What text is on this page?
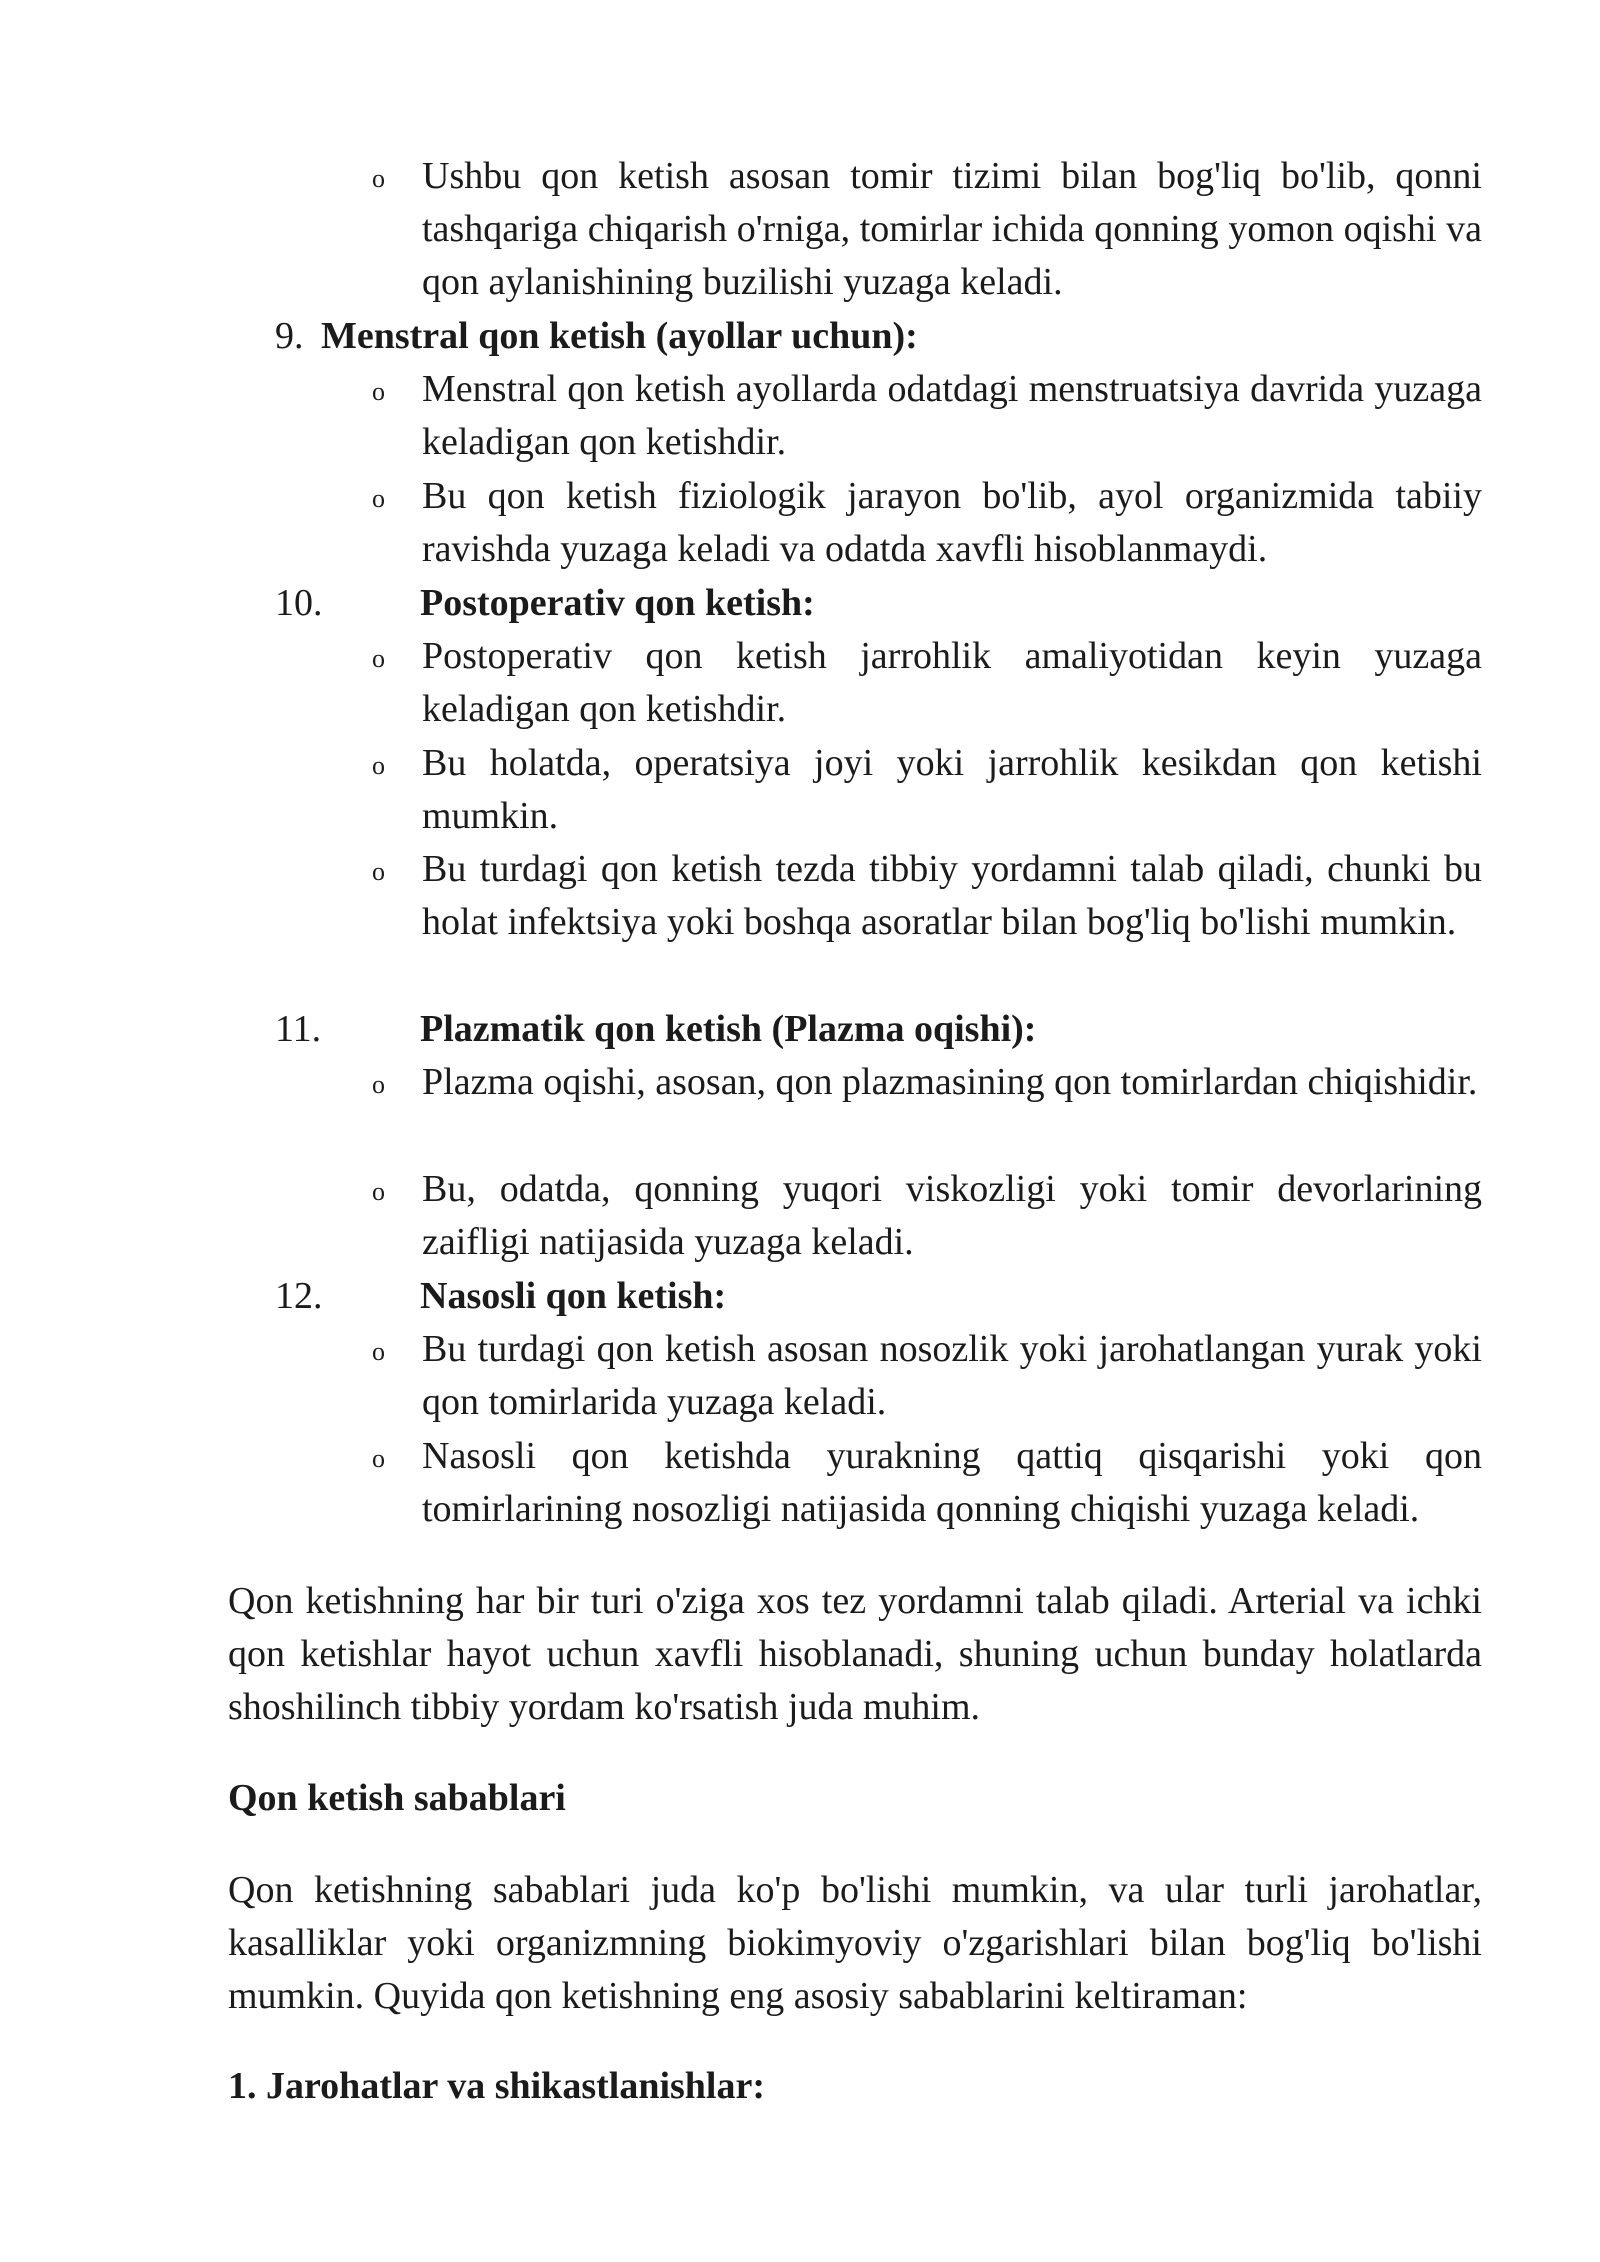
o Ushbu qon ketish asosan tomir tizimi bilan bog'liq bo'lib, qonni tashqariga chiqarish o'rniga, tomirlar ichida qonning yomon oqishi va qon aylanishining buzilishi yuzaga keladi.
9. Menstral qon ketish (ayollar uchun):
o Menstral qon ketish ayollarda odatdagi menstruatsiya davrida yuzaga keladigan qon ketishdir.
o Bu qon ketish fiziologik jarayon bo'lib, ayol organizmida tabiiy ravishda yuzaga keladi va odatda xavfli hisoblanmaydi.
10.	Postoperativ qon ketish:
o Postoperativ qon ketish jarrohlik amaliyotidan keyin yuzaga keladigan qon ketishdir.
o Bu holatda, operatsiya joyi yoki jarrohlik kesikdan qon ketishi mumkin.
o Bu turdagi qon ketish tezda tibbiy yordamni talab qiladi, chunki bu holat infektsiya yoki boshqa asoratlar bilan bog'liq bo'lishi mumkin.
11.	Plazmatik qon ketish (Plazma oqishi):
o Plazma oqishi, asosan, qon plazmasining qon tomirlardan chiqishidir.
o Bu, odatda, qonning yuqori viskozligi yoki tomir devorlarining zaifligi natijasida yuzaga keladi.
12.	Nasosli qon ketish:
o Bu turdagi qon ketish asosan nosozlik yoki jarohatlangan yurak yoki qon tomirlarida yuzaga keladi.
o Nasosli qon ketishda yurakning qattiq qisqarishi yoki qon tomirlarining nosozligi natijasida qonning chiqishi yuzaga keladi.

Qon ketishning har bir turi o'ziga xos tez yordamni talab qiladi. Arterial va ichki qon ketishlar hayot uchun xavfli hisoblanadi, shuning uchun bunday holatlarda shoshilinch tibbiy yordam ko'rsatish juda muhim.

Qon ketish sabablari

Qon ketishning sabablari juda ko'p bo'lishi mumkin, va ular turli jarohatlar, kasalliklar yoki organizmning biokimyoviy o'zgarishlari bilan bog'liq bo'lishi mumkin. Quyida qon ketishning eng asosiy sabablarini keltiraman:

1. Jarohatlar va shikastlanishlar:
